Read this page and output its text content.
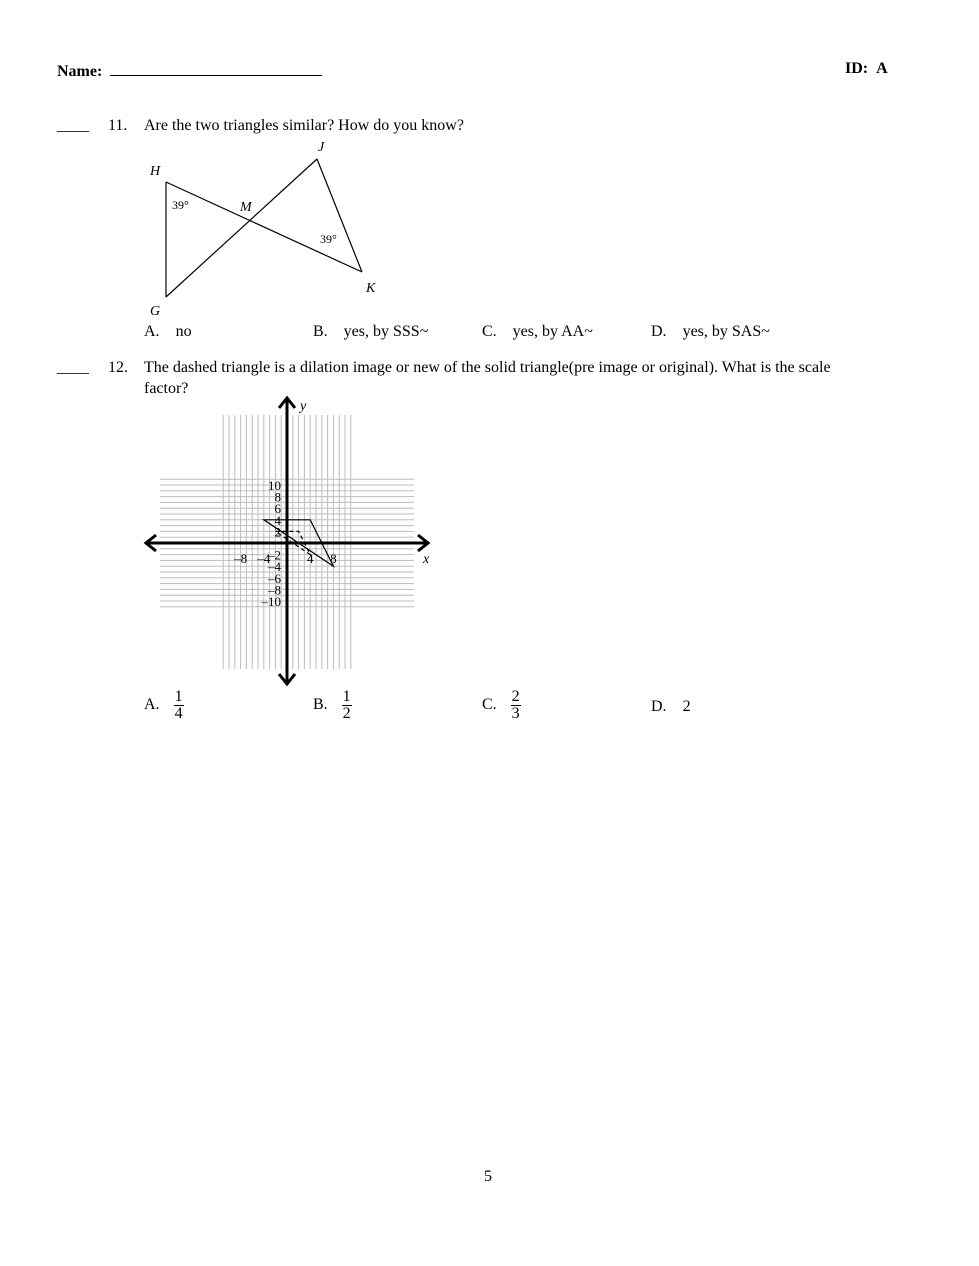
Name:	ID: A
____ 11. Are the two triangles similar? How do you know?
H
J
M
G
K
39°
39°
A. no	B. yes, by SSS~	C. yes, by AA~	D. yes, by SAS~
____ 12. The dashed triangle is a dilation image or new of the solid triangle(pre image or original). What is the scale
factor?
–8 –4	4 8
10
8
6
4
2
–2
–4
–6
–8
–10
x
y
A. $\frac{1}{4}$	B. $\frac{1}{2}$	C. $\frac{2}{3}$	D. 2
5
